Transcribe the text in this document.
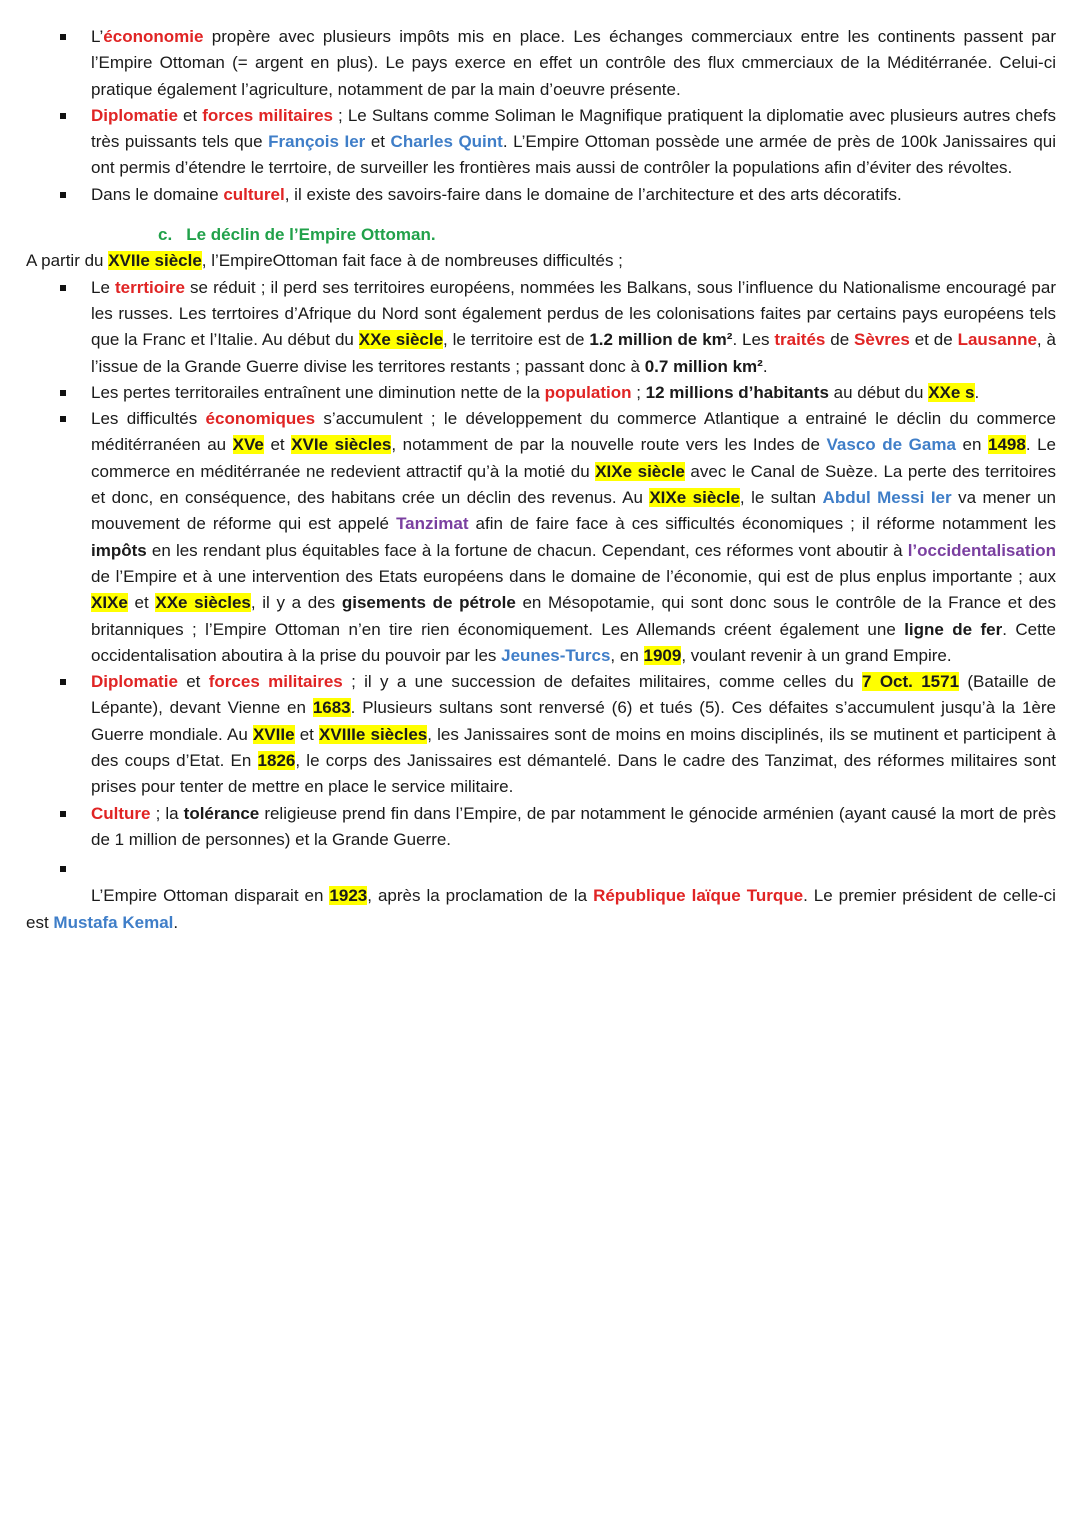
L’écononomie propère avec plusieurs impôts mis en place. Les échanges commerciaux entre les continents passent par l’Empire Ottoman (= argent en plus). Le pays exerce en effet un contrôle des flux cmmerciaux de la Méditérranée. Celui-ci pratique également l’agriculture, notamment de par la main d’oeuvre présente.
Diplomatie et forces militaires ; Le Sultans comme Soliman le Magnifique pratiquent la diplomatie avec plusieurs autres chefs très puissants tels que François Ier et Charles Quint. L’Empire Ottoman possède une armée de près de 100k Janissaires qui ont permis d’étendre le terrtoire, de surveiller les frontières mais aussi de contrôler la populations afin d’éviter des révoltes.
Dans le domaine culturel, il existe des savoirs-faire dans le domaine de l’architecture et des arts décoratifs.
c. Le déclin de l’Empire Ottoman.

A partir du XVIIe siècle, l’EmpireOttoman fait face à de nombreuses difficultés ;

Le terrtioire se réduit ; il perd ses territoires européens, nommées les Balkans, sous l’influence du Nationalisme encouragé par les russes. Les terrtoires d’Afrique du Nord sont également perdus de les colonisations faites par certains pays européens tels que la Franc et l’Italie. Au début du XXe siècle, le territoire est de 1.2 million de km². Les traités de Sèvres et de Lausanne, à l’issue de la Grande Guerre divise les territores restants ; passant donc à 0.7 million km².
Les pertes territorailes entraînent une diminution nette de la population ; 12 millions d’habitants au début du XXe s.
Les difficultés économiques s’accumulent ; le développement du commerce Atlantique a entrainé le déclin du commerce méditérranéen au XVe et XVIe siècles, notamment de par la nouvelle route vers les Indes de Vasco de Gama en 1498. Le commerce en méditérranée ne redevient attractif qu’à la motié du XIXe siècle avec le Canal de Suèze. La perte des territoires et donc, en conséquence, des habitans crée un déclin des revenus. Au XIXe siècle, le sultan Abdul Messi Ier va mener un mouvement de réforme qui est appelé Tanzimat afin de faire face à ces sifficultés économiques ; il réforme notamment les impôts en les rendant plus équitables face à la fortune de chacun. Cependant, ces réformes vont aboutir à l’occidentalisation de l’Empire et à une intervention des Etats européens dans le domaine de l’économie, qui est de plus enplus importante ; aux XIXe et XXe siècles, il y a des gisements de pétrole en Mésopotamie, qui sont donc sous le contrôle de la France et des britanniques ; l’Empire Ottoman n’en tire rien économiquement. Les Allemands créent également une ligne de fer. Cette occidentalisation aboutira à la prise du pouvoir par les Jeunes-Turcs, en 1909, voulant revenir à un grand Empire.
Diplomatie et forces militaires ; il y a une succession de defaites militaires, comme celles du 7 Oct. 1571 (Bataille de Lépante), devant Vienne en 1683. Plusieurs sultans sont renversé (6) et tués (5). Ces défaites s’accumulent jusqu’à la 1ère Guerre mondiale. Au XVIIe et XVIIIe siècles, les Janissaires sont de moins en moins disciplinés, ils se mutinent et participent à des coups d’Etat. En 1826, le corps des Janissaires est démantelé. Dans le cadre des Tanzimat, des réformes militaires sont prises pour tenter de mettre en place le service militaire.
Culture ; la tolérance religieuse prend fin dans l’Empire, de par notamment le génocide arménien (ayant causé la mort de près de 1 million de personnes) et la Grande Guerre.

L’Empire Ottoman disparait en 1923, après la proclamation de la République laïque Turque. Le premier président de celle-ci est Mustafa Kemal.
